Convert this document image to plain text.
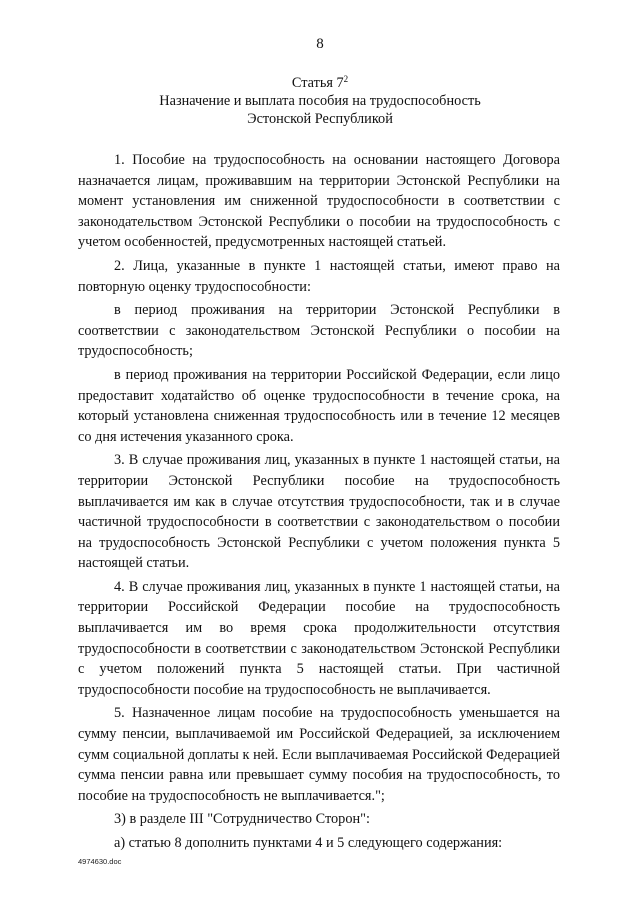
8
Статья $7^2$
Назначение и выплата пособия на трудоспособность
Эстонской Республикой

1. Пособие на трудоспособность на основании настоящего Договора назначается лицам, проживавшим на территории Эстонской Республики на момент установления им сниженной трудоспособности в соответствии с законодательством Эстонской Республики о пособии на трудоспособность с учетом особенностей, предусмотренных настоящей статьей.

2. Лица, указанные в пункте 1 настоящей статьи, имеют право на повторную оценку трудоспособности:

в период проживания на территории Эстонской Республики в соответствии с законодательством Эстонской Республики о пособии на трудоспособность;

в период проживания на территории Российской Федерации, если лицо предоставит ходатайство об оценке трудоспособности в течение срока, на который установлена сниженная трудоспособность или в течение 12 месяцев со дня истечения указанного срока.

3. В случае проживания лиц, указанных в пункте 1 настоящей статьи, на территории Эстонской Республики пособие на трудоспособность выплачивается им как в случае отсутствия трудоспособности, так и в случае частичной трудоспособности в соответствии с законодательством о пособии на трудоспособность Эстонской Республики с учетом положения пункта 5 настоящей статьи.

4. В случае проживания лиц, указанных в пункте 1 настоящей статьи, на территории Российской Федерации пособие на трудоспособность выплачивается им во время срока продолжительности отсутствия трудоспособности в соответствии с законодательством Эстонской Республики с учетом положений пункта 5 настоящей статьи. При частичной трудоспособности пособие на трудоспособность не выплачивается.

5. Назначенное лицам пособие на трудоспособность уменьшается на сумму пенсии, выплачиваемой им Российской Федерацией, за исключением сумм социальной доплаты к ней. Если выплачиваемая Российской Федерацией сумма пенсии равна или превышает сумму пособия на трудоспособность, то пособие на трудоспособность не выплачивается.";

3) в разделе III "Сотрудничество Сторон":

а) статью 8 дополнить пунктами 4 и 5 следующего содержания:

4974630.doc
